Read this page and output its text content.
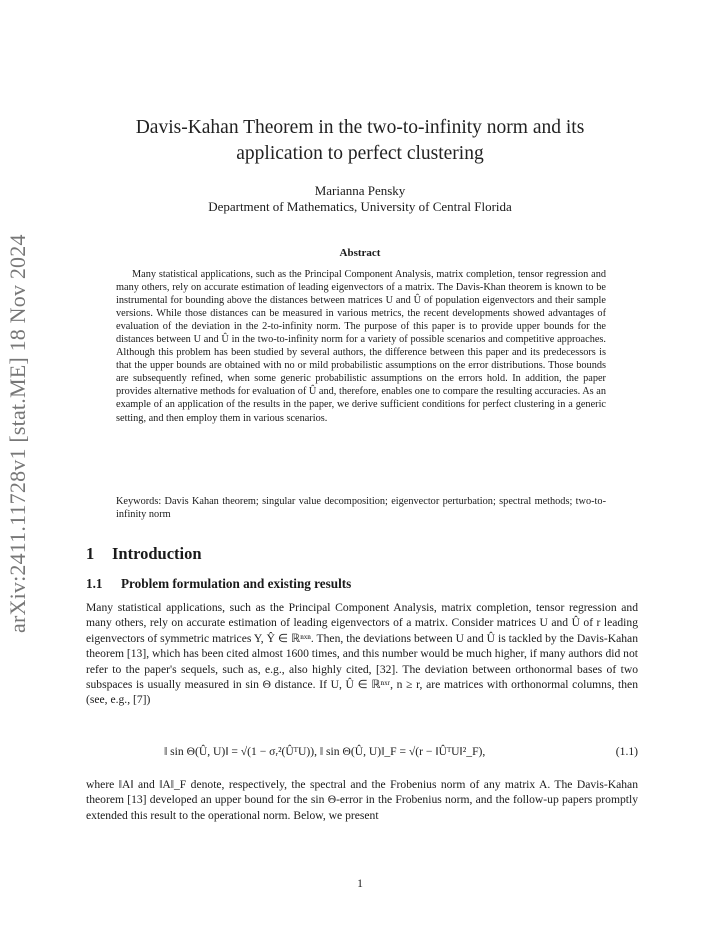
arXiv:2411.11728v1 [stat.ME] 18 Nov 2024
Davis-Kahan Theorem in the two-to-infinity norm and its
application to perfect clustering
Marianna Pensky
Department of Mathematics, University of Central Florida
Abstract

Many statistical applications, such as the Principal Component Analysis, matrix completion, tensor regression and many others, rely on accurate estimation of leading eigenvectors of a matrix. The Davis-Khan theorem is known to be instrumental for bounding above the distances between matrices U and Û of population eigenvectors and their sample versions. While those distances can be measured in various metrics, the recent developments showed advantages of evaluation of the deviation in the 2-to-infinity norm. The purpose of this paper is to provide upper bounds for the distances between U and Û in the two-to-infinity norm for a variety of possible scenarios and competitive approaches. Although this problem has been studied by several authors, the difference between this paper and its predecessors is that the upper bounds are obtained with no or mild probabilistic assumptions on the error distributions. Those bounds are subsequently refined, when some generic probabilistic assumptions on the errors hold. In addition, the paper provides alternative methods for evaluation of Û and, therefore, enables one to compare the resulting accuracies. As an example of an application of the results in the paper, we derive sufficient conditions for perfect clustering in a generic setting, and then employ them in various scenarios.

Keywords: Davis Kahan theorem; singular value decomposition; eigenvector perturbation; spectral methods; two-to-infinity norm

1 Introduction
1.1 Problem formulation and existing results

Many statistical applications, such as the Principal Component Analysis, matrix completion, tensor regression and many others, rely on accurate estimation of leading eigenvectors of a matrix. Consider matrices U and Û of r leading eigenvectors of symmetric matrices Y, Ŷ ∈ ℝⁿˣⁿ. Then, the deviations between U and Û is tackled by the Davis-Kahan theorem [13], which has been cited almost 1600 times, and this number would be much higher, if many authors did not refer to the paper's sequels, such as, e.g., also highly cited, [32]. The deviation between orthonormal bases of two subspaces is usually measured in sin Θ distance. If U, Û ∈ ℝⁿˣʳ, n ≥ r, are matrices with orthonormal columns, then (see, e.g., [7])

‖ sin Θ(Û, U)‖ = √(1 − σᵣ²(ÛᵀU)), ‖ sin Θ(Û, U)‖_F = √(r − ‖ÛᵀU‖²_F),	(1.1)

where ‖A‖ and ‖A‖_F denote, respectively, the spectral and the Frobenius norm of any matrix A. The Davis-Kahan theorem [13] developed an upper bound for the sin Θ-error in the Frobenius norm, and the follow-up papers promptly extended this result to the operational norm. Below, we present

1
